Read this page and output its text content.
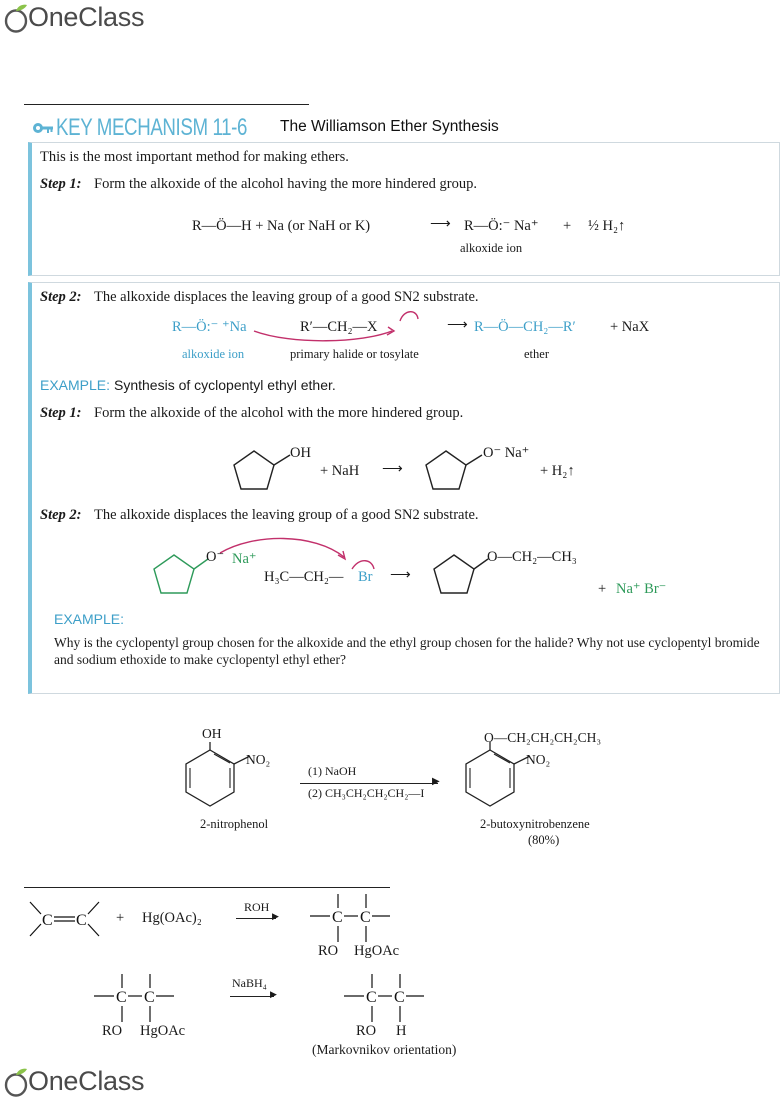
OneClass
KEY MECHANISM 11-6 The Williamson Ether Synthesis
This is the most important method for making ethers.
Step 1: Form the alkoxide of the alcohol having the more hindered group.
R—Ö—H + Na (or NaH or K)	⟶ R—Ö:⁻ Na⁺ + ½ H₂↑
alkoxide ion
Step 2: The alkoxide displaces the leaving group of a good SN2 substrate.
R—Ö:⁻ ⁺Na	R′—CH₂—X	⟶ R—Ö—CH₂—R′ + NaX
alkoxide ion	primary halide or tosylate	ether
EXAMPLE: Synthesis of cyclopentyl ethyl ether.
Step 1: Form the alkoxide of the alcohol with the more hindered group.
OH
+ NaH ⟶
O⁻ Na⁺
+ H₂↑
Step 2: The alkoxide displaces the leaving group of a good SN2 substrate.
O⁻ Na⁺
H₃C—CH₂— Br ⟶
O—CH₂—CH₃
+ Na⁺ Br⁻
EXAMPLE:
Why is the cyclopentyl group chosen for the alkoxide and the ethyl group chosen for the halide? Why not use cyclopentyl bromide
and sodium ethoxide to make cyclopentyl ethyl ether?
OH
NO₂
(1) NaOH
▶
(2) CH₃CH₂CH₂CH₂—I
2-nitrophenol
O—CH₂CH₂CH₂CH₃
NO₂
2-butoxynitrobenzene
(80%)
C C + Hg(OAc)₂
ROH
▶	C C
RO HgOAc
C C
RO HgOAc
NaBH₄
▶	C C
RO H
(Markovnikov orientation)
OneClass
